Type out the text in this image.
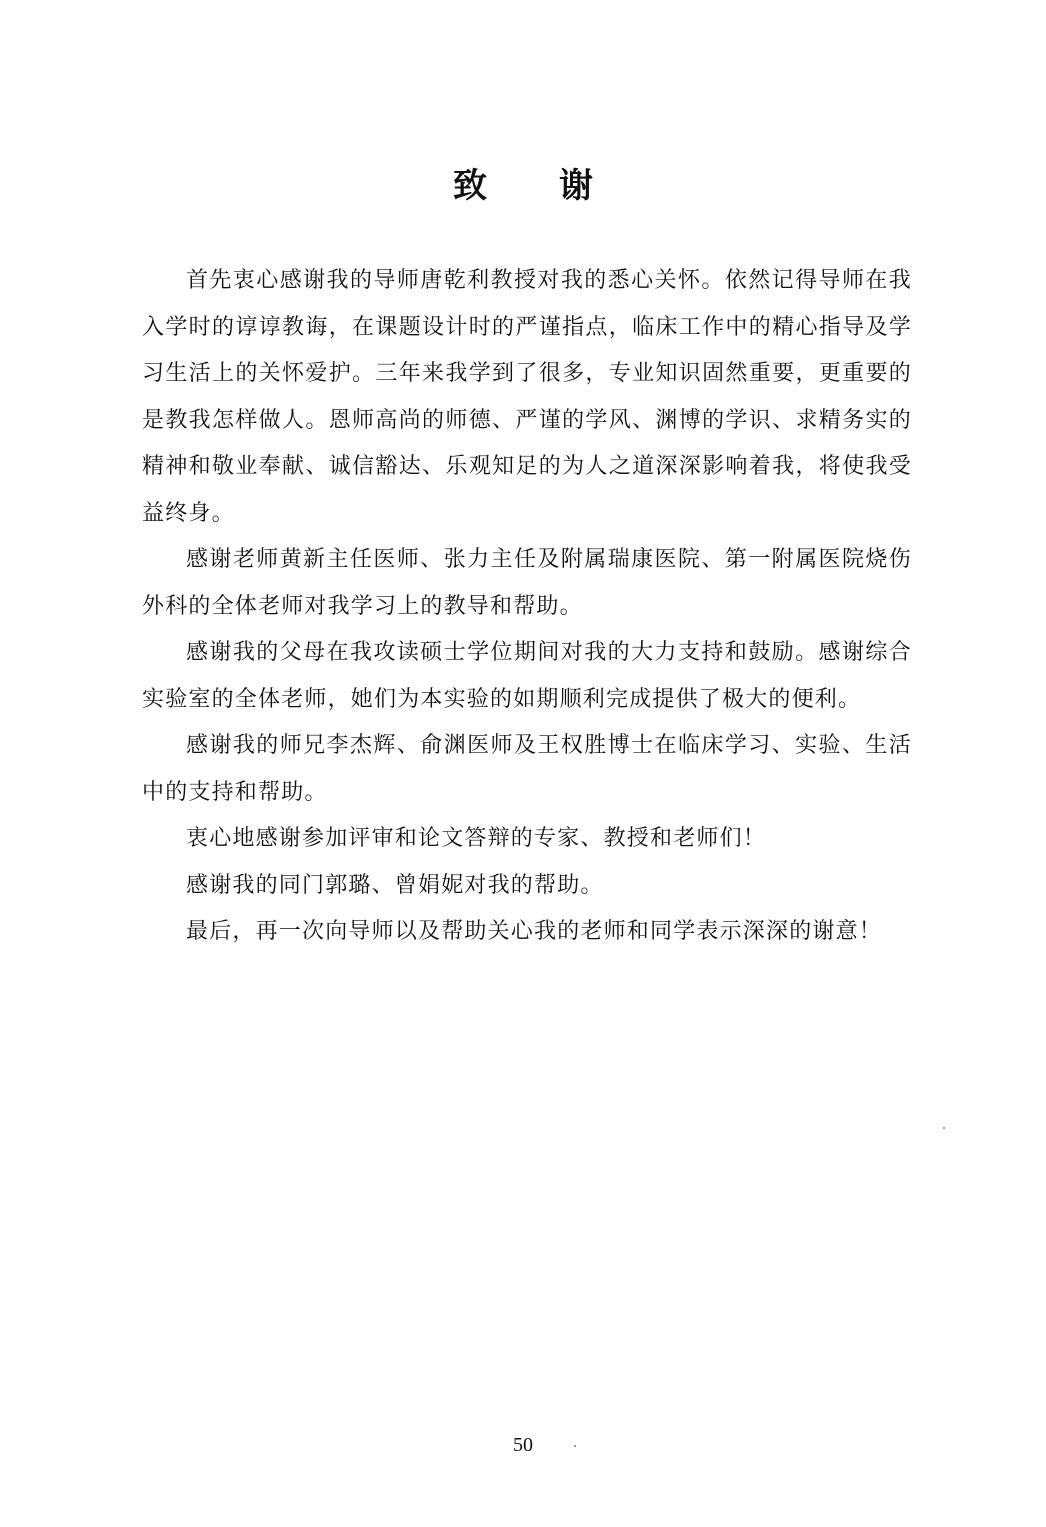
致谢

首先衷心感谢我的导师唐乾利教授对我的悉心关怀。依然记得导师在我入学时的谆谆教诲，在课题设计时的严谨指点，临床工作中的精心指导及学习生活上的关怀爱护。三年来我学到了很多，专业知识固然重要，更重要的是教我怎样做人。恩师高尚的师德、严谨的学风、渊博的学识、求精务实的精神和敬业奉献、诚信豁达、乐观知足的为人之道深深影响着我，将使我受益终身。

感谢老师黄新主任医师、张力主任及附属瑞康医院、第一附属医院烧伤外科的全体老师对我学习上的教导和帮助。

感谢我的父母在我攻读硕士学位期间对我的大力支持和鼓励。感谢综合实验室的全体老师，她们为本实验的如期顺利完成提供了极大的便利。

感谢我的师兄李杰辉、俞渊医师及王权胜博士在临床学习、实验、生活中的支持和帮助。

衷心地感谢参加评审和论文答辩的专家、教授和老师们！

感谢我的同门郭璐、曾娟妮对我的帮助。

最后，再一次向导师以及帮助关心我的老师和同学表示深深的谢意！

50
